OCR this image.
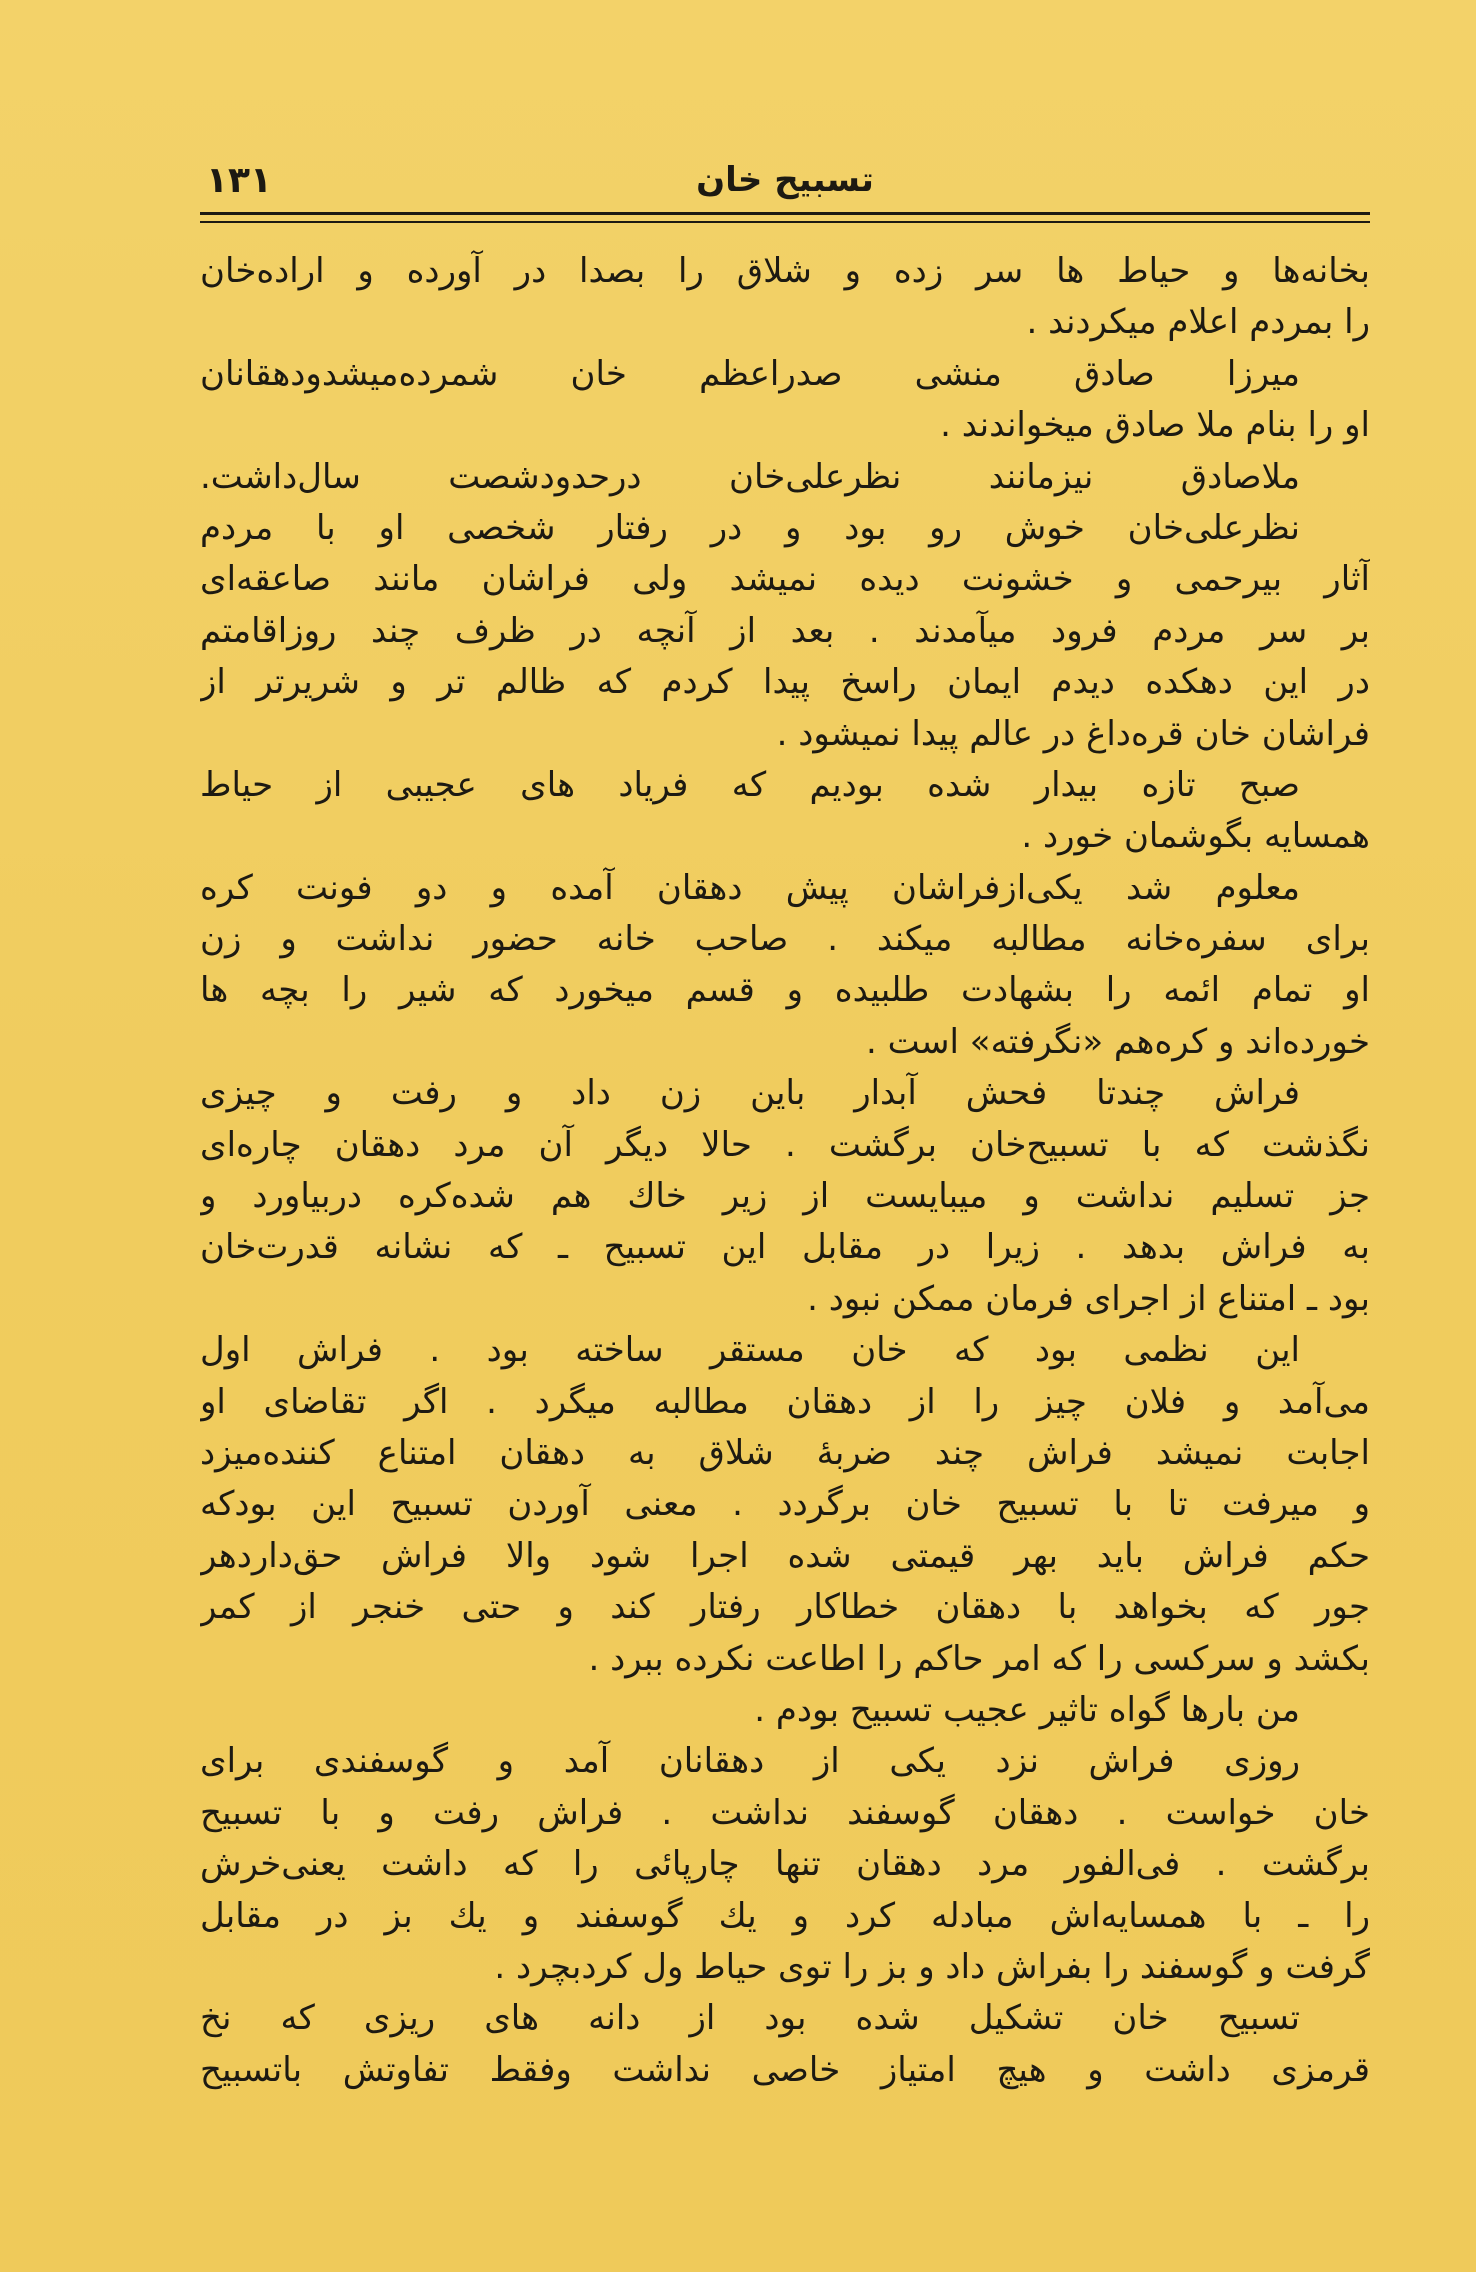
تسبیح خان
۱۳۱
بخانه‌ها و حیاط ها سر زده و شلاق را بصدا در آورده و اراده‌خان
را بمردم اعلام میکردند .
میرزا صادق منشی صدراعظم خان شمرده‌میشدودهقانان
او را بنام ملا صادق میخواندند .
ملاصادق نیزمانند نظرعلی‌خان درحدودشصت سال‌داشت.
نظرعلی‌خان خوش رو بود و در رفتار شخصی او با مردم
آثار بیرحمی و خشونت دیده نمیشد ولی فراشان مانند صاعقه‌ای
بر سر مردم فرود میآمدند . بعد از آنچه در ظرف چند روزاقامتم
در این دهکده دیدم ایمان راسخ پیدا کردم که ظالم تر و شریرتر از
فراشان خان قره‌داغ در عالم پیدا نمیشود .
صبح تازه بیدار شده بودیم که فریاد های عجیبی از حیاط
همسایه بگوشمان خورد .
معلوم شد یکی‌ازفراشان پیش دهقان آمده و دو فونت کره
برای سفره‌خانه مطالبه میکند . صاحب خانه حضور نداشت و زن
او تمام ائمه را بشهادت طلبیده و قسم میخورد که شیر را بچه ها
خورده‌اند و کره‌هم «نگرفته» است .
فراش چندتا فحش آبدار باین زن داد و رفت و چیزی
نگذشت که با تسبیح‌خان برگشت . حالا دیگر آن مرد دهقان چاره‌ای
جز تسلیم نداشت و میبایست از زیر خاك هم شده‌کره دربیاورد و
به فراش بدهد . زیرا در مقابل این تسبیح ـ که نشانه قدرت‌خان
بود ـ امتناع از اجرای فرمان ممکن نبود .
این نظمی بود که خان مستقر ساخته بود . فراش اول
می‌آمد و فلان چیز را از دهقان مطالبه میگرد . اگر تقاضای او
اجابت نمیشد فراش چند ضربهٔ شلاق به دهقان امتناع کننده‌میزد
و میرفت تا با تسبیح خان برگردد . معنی آوردن تسبیح این بودکه
حکم فراش باید بهر قیمتی شده اجرا شود والا فراش حق‌داردهر
جور که بخواهد با دهقان خطاکار رفتار کند و حتی خنجر از کمر
بکشد و سرکسی را که امر حاکم را اطاعت نکرده ببرد .
من بارها گواه تاثیر عجیب تسبیح بودم .
روزی فراش نزد یکی از دهقانان آمد و گوسفندی برای
خان خواست . دهقان گوسفند نداشت . فراش رفت و با تسبیح
برگشت . فی‌الفور مرد دهقان تنها چارپائی را که داشت یعنی‌خرش
را ـ با همسایه‌اش مبادله کرد و یك گوسفند و یك بز در مقابل
گرفت و گوسفند را بفراش داد و بز را توی حیاط ول کردبچرد .
تسبیح خان تشکیل شده بود از دانه های ریزی که نخ
قرمزی داشت و هیچ امتیاز خاصی نداشت وفقط تفاوتش باتسبیح
